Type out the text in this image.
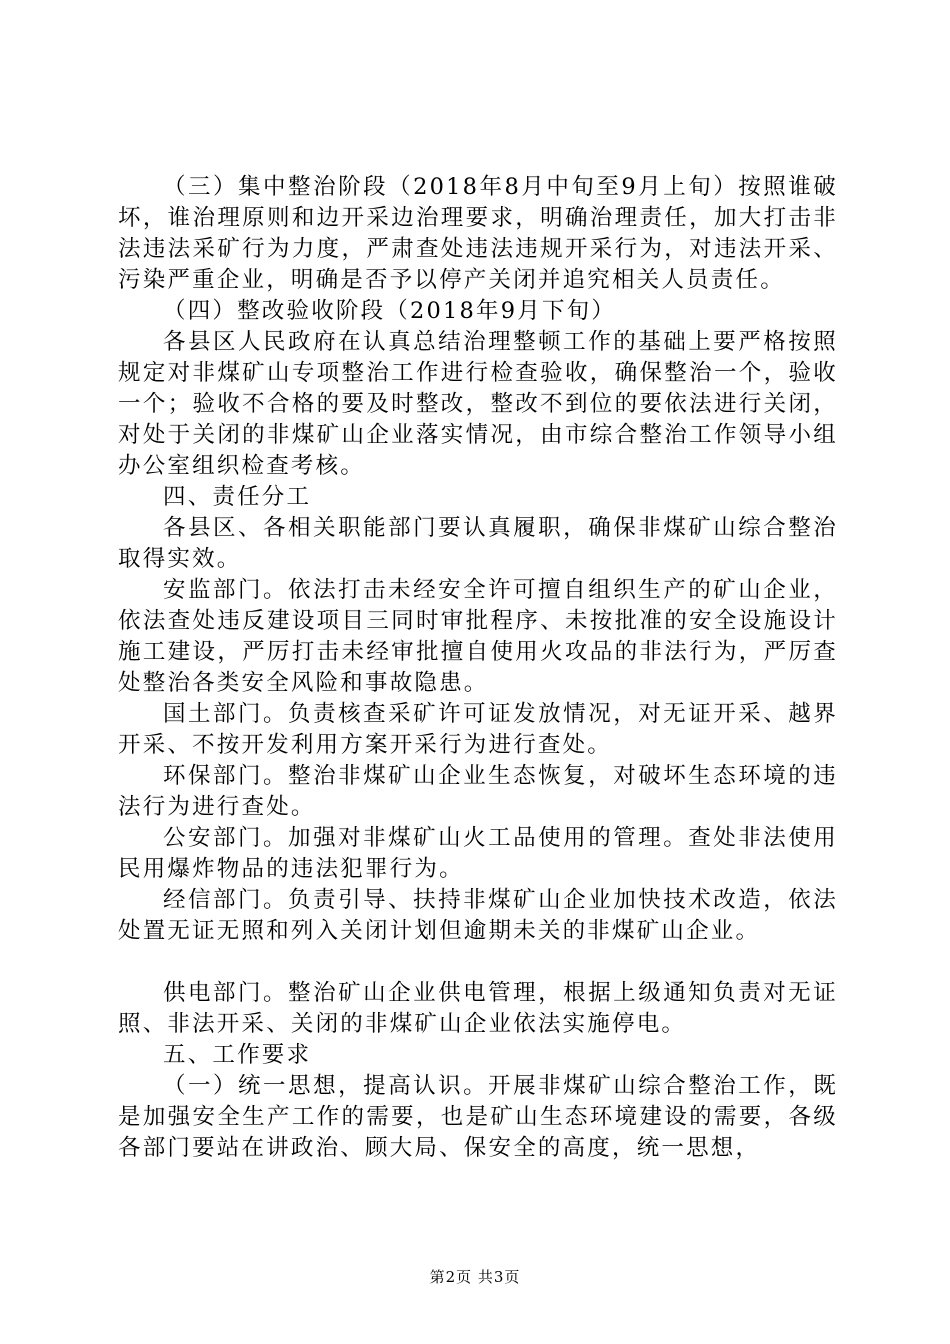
（三）集中整治阶段（2018年8月中旬至9月上旬）按照谁破坏，谁治理原则和边开采边治理要求，明确治理责任，加大打击非法违法采矿行为力度，严肃查处违法违规开采行为，对违法开采、污染严重企业，明确是否予以停产关闭并追究相关人员责任。

（四）整改验收阶段（2018年9月下旬）

各县区人民政府在认真总结治理整顿工作的基础上要严格按照规定对非煤矿山专项整治工作进行检查验收，确保整治一个，验收一个；验收不合格的要及时整改，整改不到位的要依法进行关闭，对处于关闭的非煤矿山企业落实情况，由市综合整治工作领导小组办公室组织检查考核。

四、责任分工

各县区、各相关职能部门要认真履职，确保非煤矿山综合整治取得实效。

安监部门。依法打击未经安全许可擅自组织生产的矿山企业，依法查处违反建设项目三同时审批程序、未按批准的安全设施设计施工建设，严厉打击未经审批擅自使用火攻品的非法行为，严厉查处整治各类安全风险和事故隐患。

国土部门。负责核查采矿许可证发放情况，对无证开采、越界开采、不按开发利用方案开采行为进行查处。

环保部门。整治非煤矿山企业生态恢复，对破坏生态环境的违法行为进行查处。

公安部门。加强对非煤矿山火工品使用的管理。查处非法使用民用爆炸物品的违法犯罪行为。

经信部门。负责引导、扶持非煤矿山企业加快技术改造，依法处置无证无照和列入关闭计划但逾期未关的非煤矿山企业。

供电部门。整治矿山企业供电管理，根据上级通知负责对无证照、非法开采、关闭的非煤矿山企业依法实施停电。

五、工作要求

（一）统一思想，提高认识。开展非煤矿山综合整治工作，既是加强安全生产工作的需要，也是矿山生态环境建设的需要，各级各部门要站在讲政治、顾大局、保安全的高度，统一思想，

第2页 共3页
